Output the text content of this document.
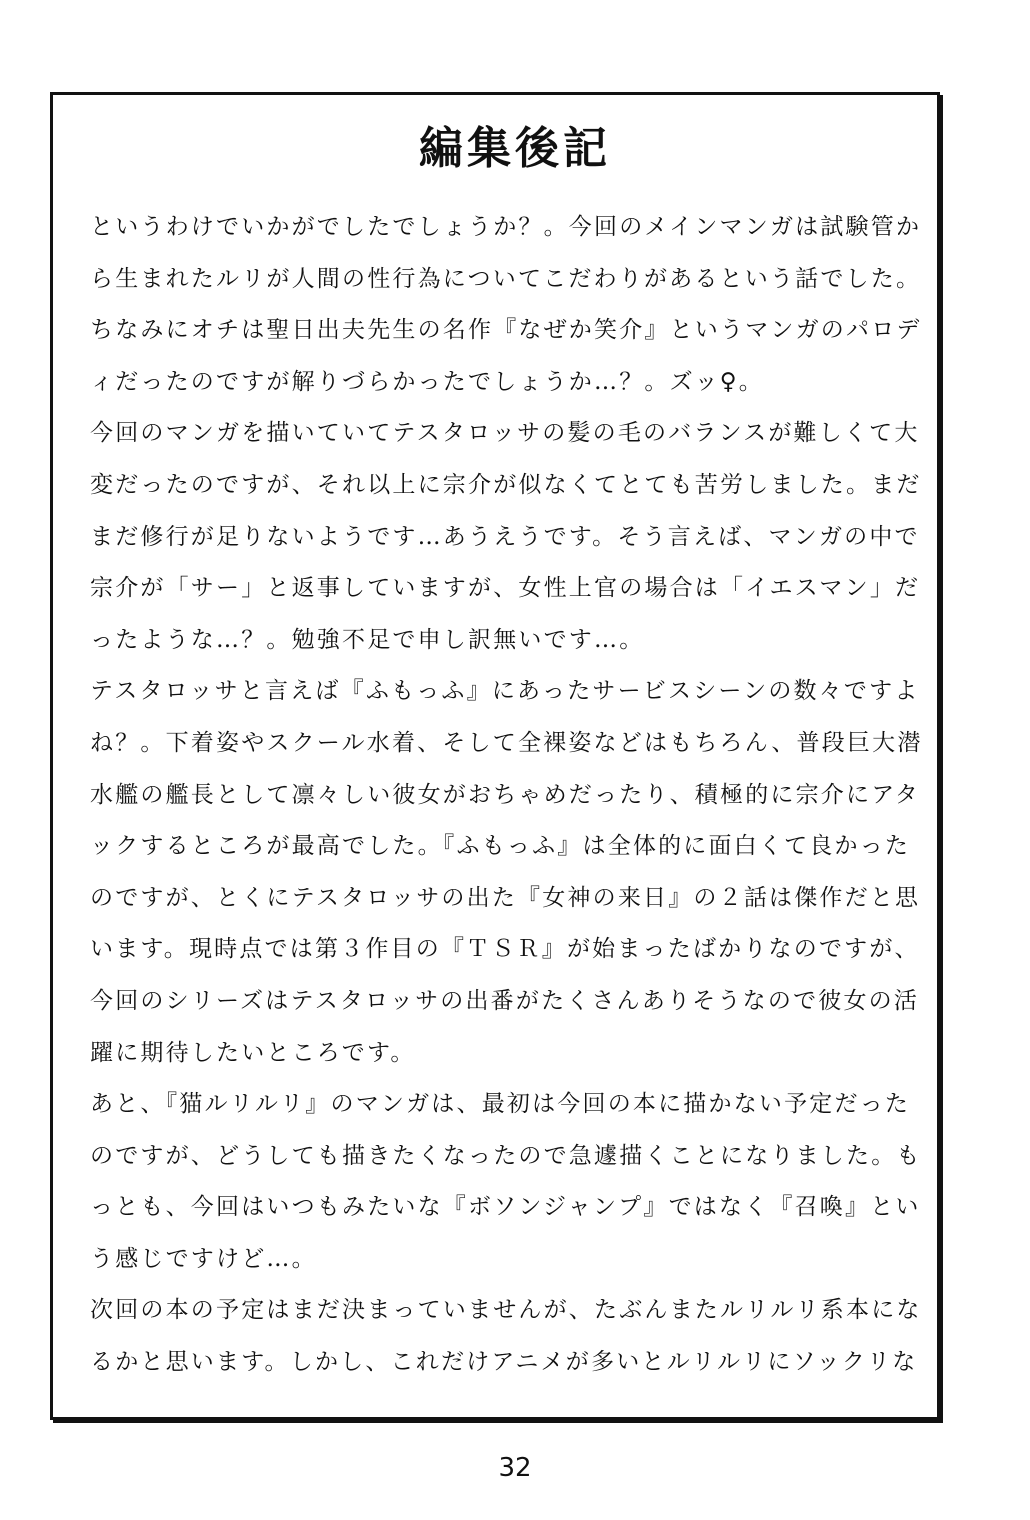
編集後記
というわけでいかがでしたでしょうか？。今回のメインマンガは試験管か
ら生まれたルリが人間の性行為についてこだわりがあるという話でした。
ちなみにオチは聖日出夫先生の名作『なぜか笑介』というマンガのパロデ
ィだったのですが解りづらかったでしょうか…？。ズッ♀。
今回のマンガを描いていてテスタロッサの髪の毛のバランスが難しくて大
変だったのですが、それ以上に宗介が似なくてとても苦労しました。まだ
まだ修行が足りないようです…あうえうです。そう言えば、マンガの中で
宗介が「サー」と返事していますが、女性上官の場合は「イエスマン」だ
ったような…？。勉強不足で申し訳無いです…。
テスタロッサと言えば『ふもっふ』にあったサービスシーンの数々ですよ
ね？。下着姿やスクール水着、そして全裸姿などはもちろん、普段巨大潜
水艦の艦長として凛々しい彼女がおちゃめだったり、積極的に宗介にアタ
ックするところが最高でした。『ふもっふ』は全体的に面白くて良かった
のですが、とくにテスタロッサの出た『女神の来日』の２話は傑作だと思
います。現時点では第３作目の『ＴＳＲ』が始まったばかりなのですが、
今回のシリーズはテスタロッサの出番がたくさんありそうなので彼女の活
躍に期待したいところです。
あと、『猫ルリルリ』のマンガは、最初は今回の本に描かない予定だった
のですが、どうしても描きたくなったので急遽描くことになりました。も
っとも、今回はいつもみたいな『ボソンジャンプ』ではなく『召喚』とい
う感じですけど…。
次回の本の予定はまだ決まっていませんが、たぶんまたルリルリ系本にな
るかと思います。しかし、これだけアニメが多いとルリルリにソックリな
32
